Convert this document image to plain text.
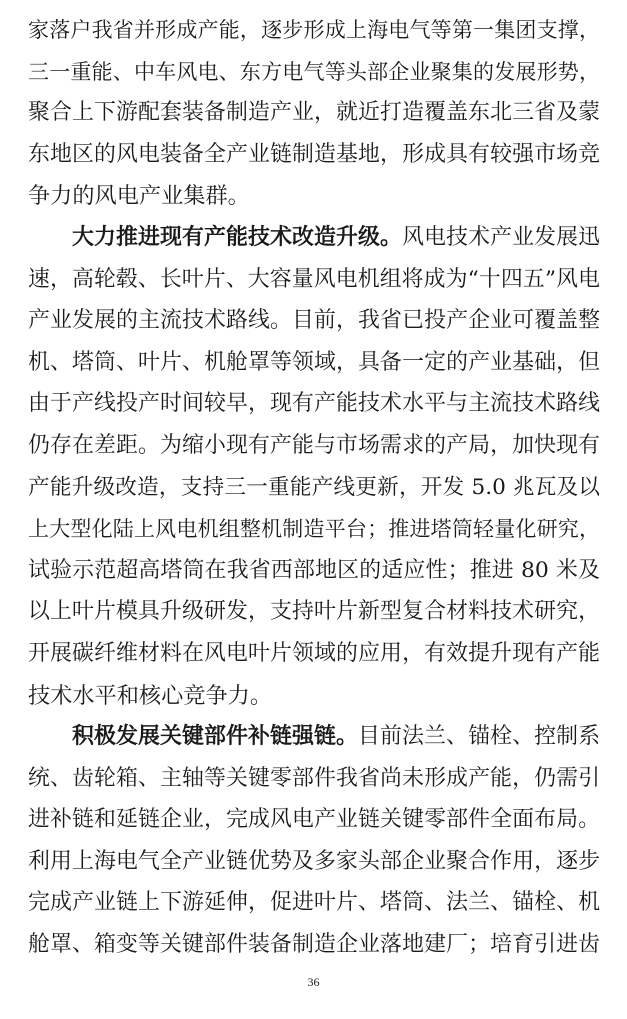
家落户我省并形成产能，逐步形成上海电气等第一集团支撑，
三一重能、中车风电、东方电气等头部企业聚集的发展形势，
聚合上下游配套装备制造产业，就近打造覆盖东北三省及蒙
东地区的风电装备全产业链制造基地，形成具有较强市场竞
争力的风电产业集群。
大力推进现有产能技术改造升级。风电技术产业发展迅
速，高轮毂、长叶片、大容量风电机组将成为“十四五”风电
产业发展的主流技术路线。目前，我省已投产企业可覆盖整
机、塔筒、叶片、机舱罩等领域，具备一定的产业基础，但
由于产线投产时间较早，现有产能技术水平与主流技术路线
仍存在差距。为缩小现有产能与市场需求的产局，加快现有
产能升级改造，支持三一重能产线更新，开发 5.0 兆瓦及以
上大型化陆上风电机组整机制造平台；推进塔筒轻量化研究，
试验示范超高塔筒在我省西部地区的适应性；推进 80 米及
以上叶片模具升级研发，支持叶片新型复合材料技术研究，
开展碳纤维材料在风电叶片领域的应用，有效提升现有产能
技术水平和核心竞争力。
积极发展关键部件补链强链。目前法兰、锚栓、控制系
统、齿轮箱、主轴等关键零部件我省尚未形成产能，仍需引
进补链和延链企业，完成风电产业链关键零部件全面布局。
利用上海电气全产业链优势及多家头部企业聚合作用，逐步
完成产业链上下游延伸，促进叶片、塔筒、法兰、锚栓、机
舱罩、箱变等关键部件装备制造企业落地建厂；培育引进齿
36
